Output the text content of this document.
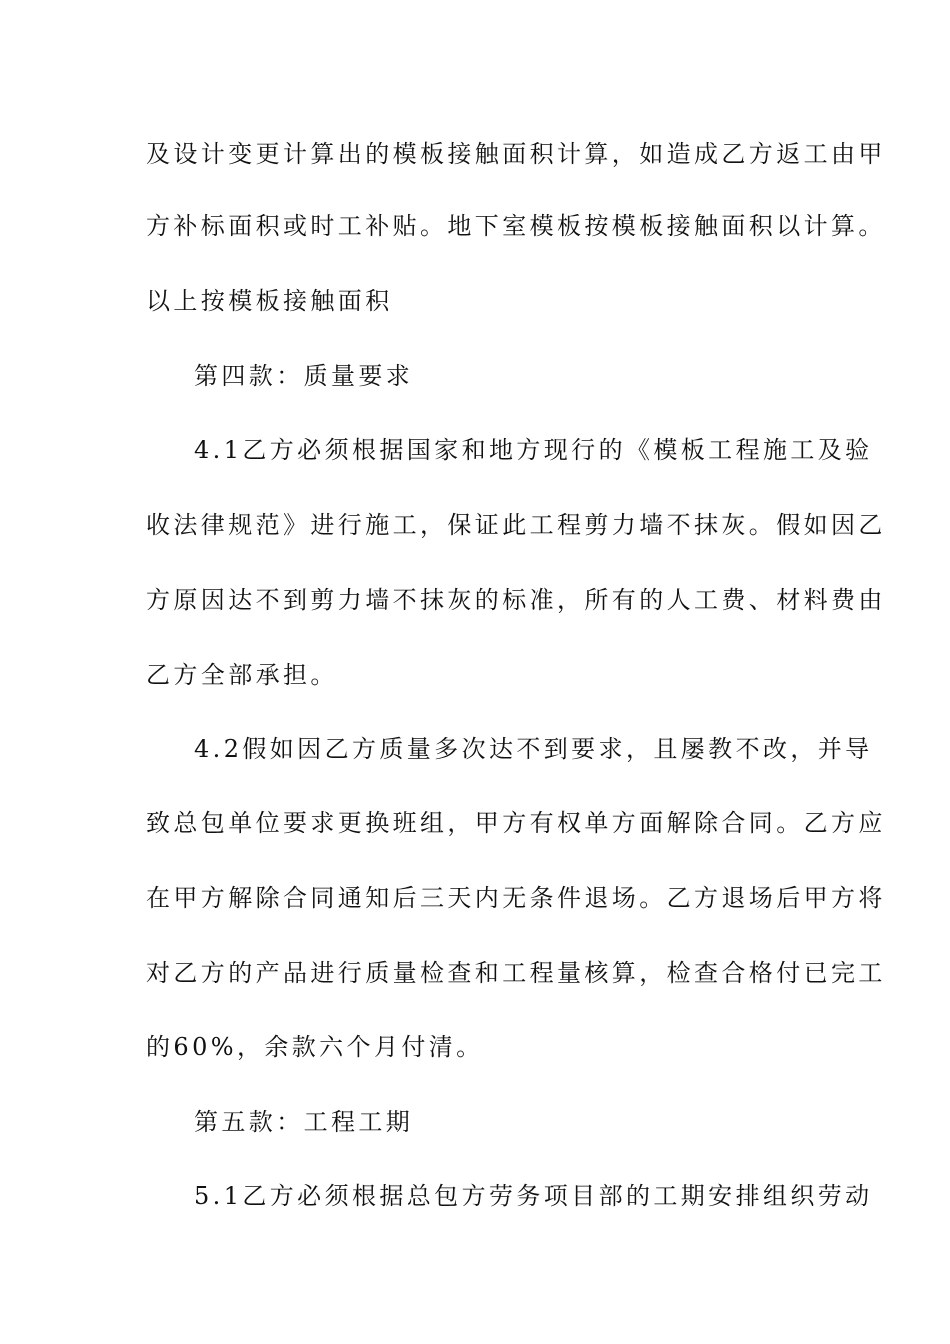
及设计变更计算出的模板接触面积计算，如造成乙方返工由甲
方补标面积或时工补贴。地下室模板按模板接触面积以计算。
以上按模板接触面积
第四款：质量要求
4.1乙方必须根据国家和地方现行的《模板工程施工及验
收法律规范》进行施工，保证此工程剪力墙不抹灰。假如因乙
方原因达不到剪力墙不抹灰的标准，所有的人工费、材料费由
乙方全部承担。
4.2假如因乙方质量多次达不到要求，且屡教不改，并导
致总包单位要求更换班组，甲方有权单方面解除合同。乙方应
在甲方解除合同通知后三天内无条件退场。乙方退场后甲方将
对乙方的产品进行质量检查和工程量核算，检查合格付已完工
的60%，余款六个月付清。
第五款：工程工期
5.1乙方必须根据总包方劳务项目部的工期安排组织劳动
